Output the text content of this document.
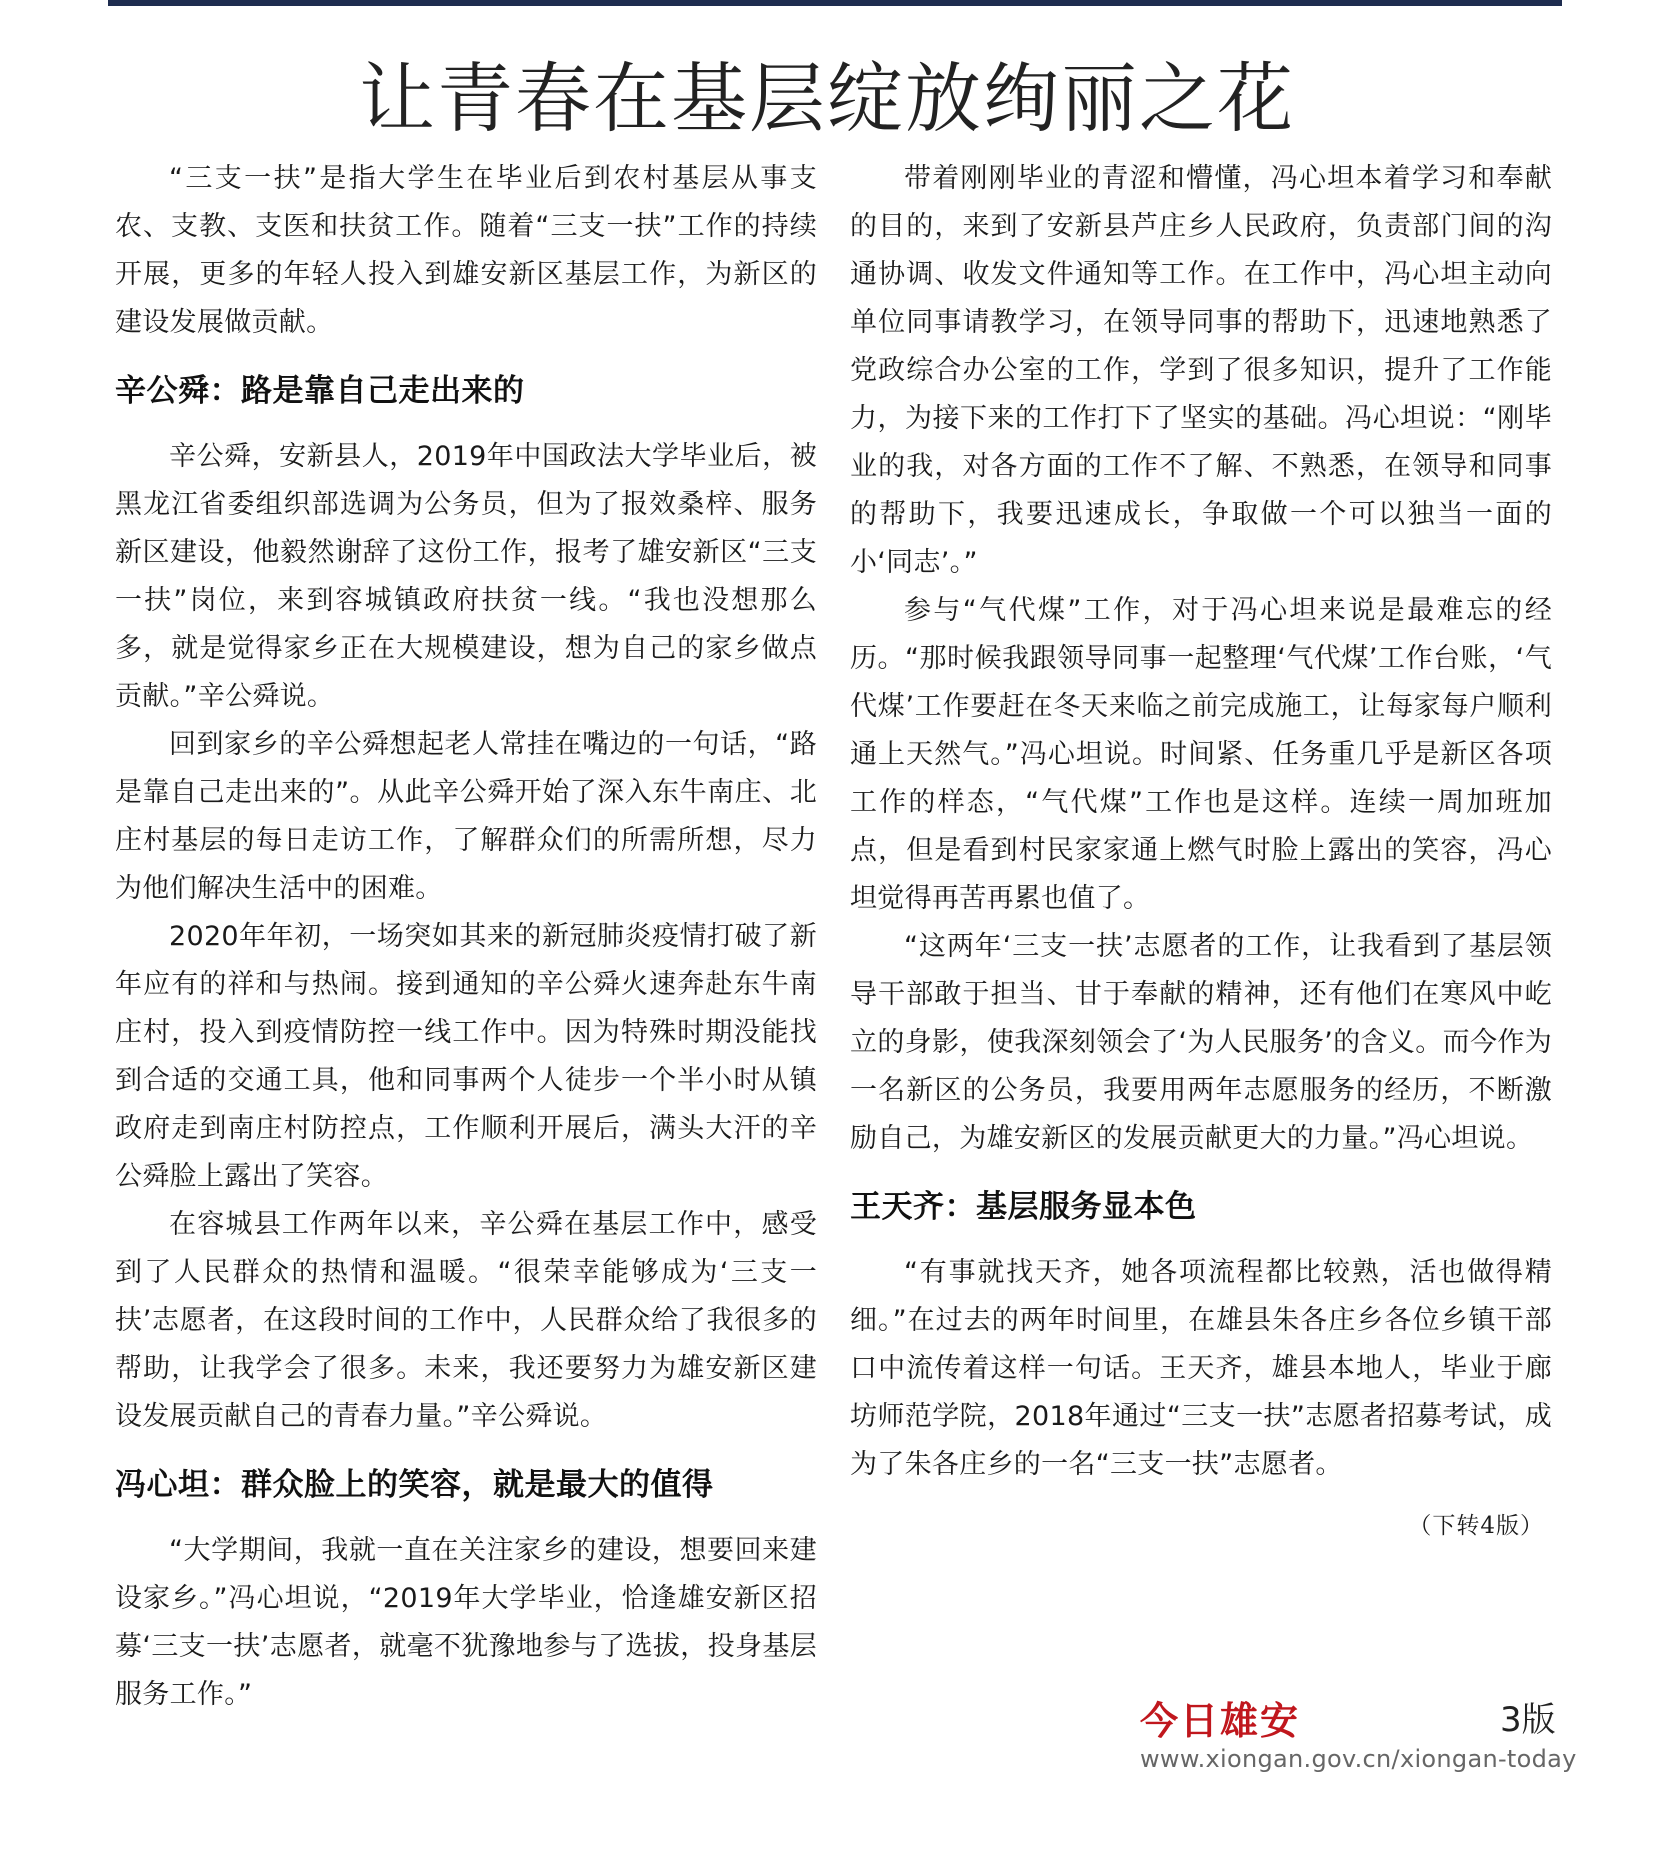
让青春在基层绽放绚丽之花

“三支一扶”是指大学生在毕业后到农村基层从事支农、支教、支医和扶贫工作。随着“三支一扶”工作的持续开展，更多的年轻人投入到雄安新区基层工作，为新区的建设发展做贡献。

辛公舜：路是靠自己走出来的

辛公舜，安新县人，2019年中国政法大学毕业后，被黑龙江省委组织部选调为公务员，但为了报效桑梓、服务新区建设，他毅然谢辞了这份工作，报考了雄安新区“三支一扶”岗位，来到容城镇政府扶贫一线。“我也没想那么多，就是觉得家乡正在大规模建设，想为自己的家乡做点贡献。”辛公舜说。

回到家乡的辛公舜想起老人常挂在嘴边的一句话，“路是靠自己走出来的”。从此辛公舜开始了深入东牛南庄、北庄村基层的每日走访工作，了解群众们的所需所想，尽力为他们解决生活中的困难。

2020年年初，一场突如其来的新冠肺炎疫情打破了新年应有的祥和与热闹。接到通知的辛公舜火速奔赴东牛南庄村，投入到疫情防控一线工作中。因为特殊时期没能找到合适的交通工具，他和同事两个人徒步一个半小时从镇政府走到南庄村防控点，工作顺利开展后，满头大汗的辛公舜脸上露出了笑容。

在容城县工作两年以来，辛公舜在基层工作中，感受到了人民群众的热情和温暖。“很荣幸能够成为‘三支一扶’志愿者，在这段时间的工作中，人民群众给了我很多的帮助，让我学会了很多。未来，我还要努力为雄安新区建设发展贡献自己的青春力量。”辛公舜说。

冯心坦：群众脸上的笑容，就是最大的值得

“大学期间，我就一直在关注家乡的建设，想要回来建设家乡。”冯心坦说，“2019年大学毕业，恰逢雄安新区招募‘三支一扶’志愿者，就毫不犹豫地参与了选拔，投身基层服务工作。”

带着刚刚毕业的青涩和懵懂，冯心坦本着学习和奉献的目的，来到了安新县芦庄乡人民政府，负责部门间的沟通协调、收发文件通知等工作。在工作中，冯心坦主动向单位同事请教学习，在领导同事的帮助下，迅速地熟悉了党政综合办公室的工作，学到了很多知识，提升了工作能力，为接下来的工作打下了坚实的基础。冯心坦说：“刚毕业的我，对各方面的工作不了解、不熟悉，在领导和同事的帮助下，我要迅速成长，争取做一个可以独当一面的小‘同志’。”

参与“气代煤”工作，对于冯心坦来说是最难忘的经历。“那时候我跟领导同事一起整理‘气代煤’工作台账，‘气代煤’工作要赶在冬天来临之前完成施工，让每家每户顺利通上天然气。”冯心坦说。时间紧、任务重几乎是新区各项工作的样态，“气代煤”工作也是这样。连续一周加班加点，但是看到村民家家通上燃气时脸上露出的笑容，冯心坦觉得再苦再累也值了。

“这两年‘三支一扶’志愿者的工作，让我看到了基层领导干部敢于担当、甘于奉献的精神，还有他们在寒风中屹立的身影，使我深刻领会了‘为人民服务’的含义。而今作为一名新区的公务员，我要用两年志愿服务的经历，不断激励自己，为雄安新区的发展贡献更大的力量。”冯心坦说。

王天齐：基层服务显本色

“有事就找天齐，她各项流程都比较熟，活也做得精细。”在过去的两年时间里，在雄县朱各庄乡各位乡镇干部口中流传着这样一句话。王天齐，雄县本地人，毕业于廊坊师范学院，2018年通过“三支一扶”志愿者招募考试，成为了朱各庄乡的一名“三支一扶”志愿者。

（下转4版）
今日雄安	3版
www.xiongan.gov.cn/xiongan-today
